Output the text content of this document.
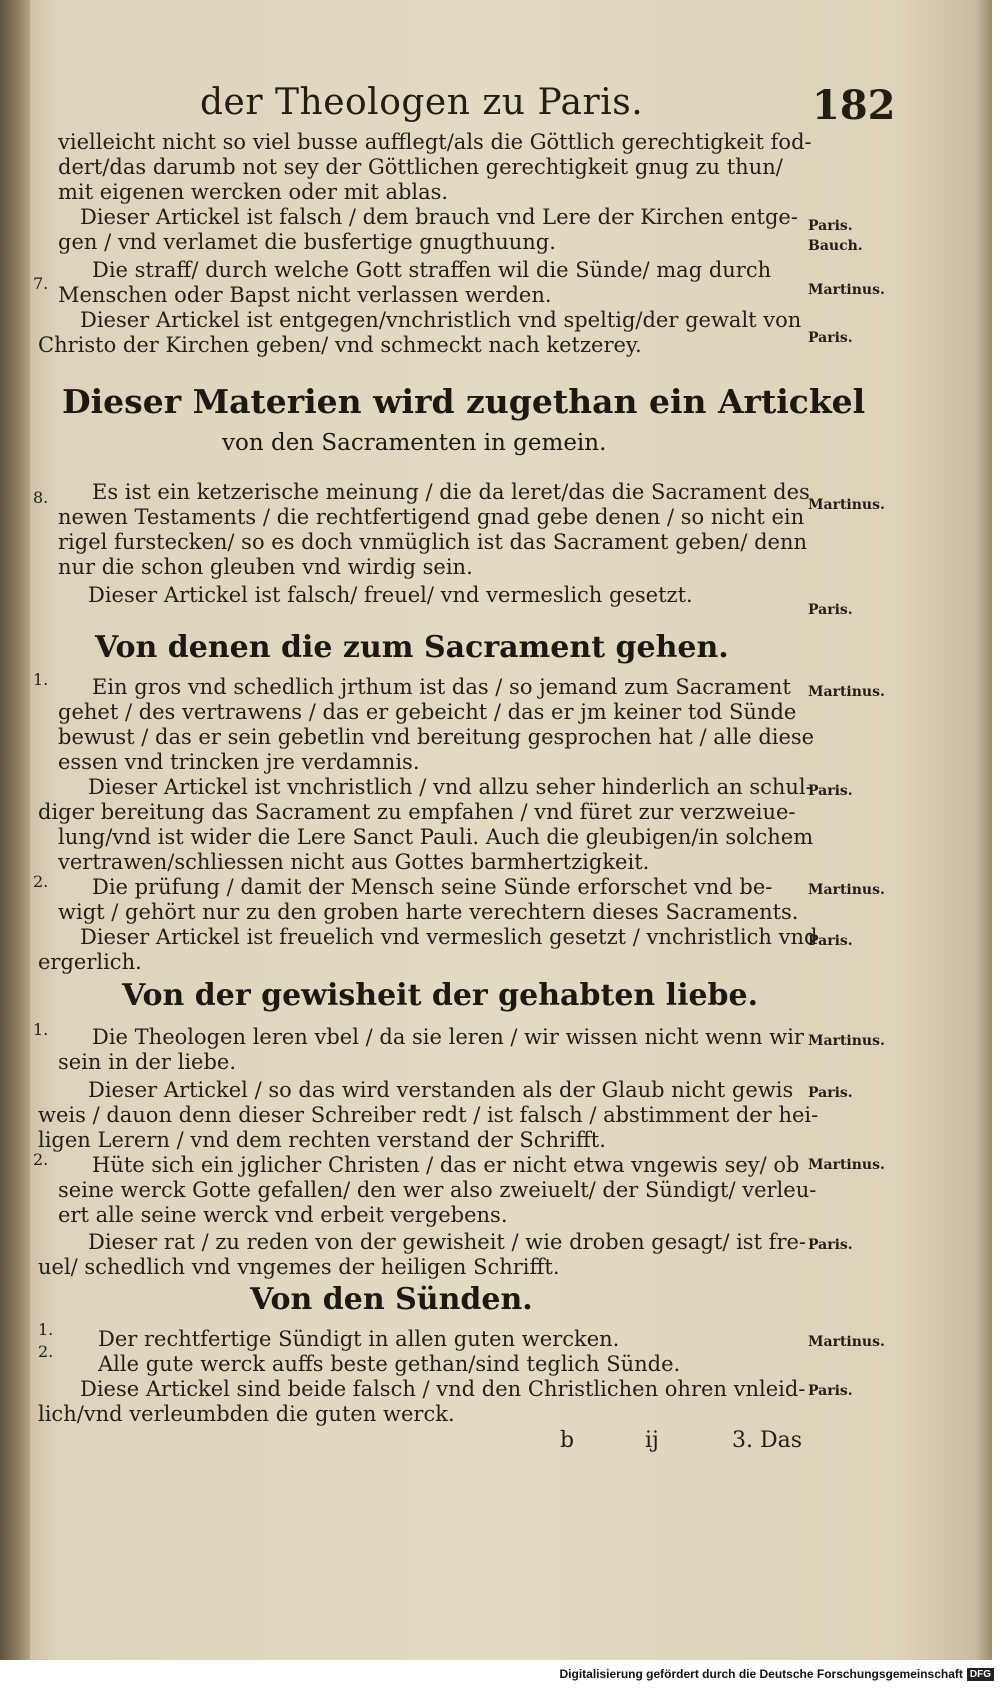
der Theologen zu Paris.	182
vielleicht nicht so viel busse aufflegt/als die Göttlich gerechtigkeit fod-
dert/das darumb not sey der Göttlichen gerechtigkeit gnug zu thun/
mit eigenen wercken oder mit ablas.
Dieser Artickel ist falsch / dem brauch vnd Lere der Kirchen entge-
gen / vnd verlamet die busfertige gnugthuung.
Die straff/ durch welche Gott straffen wil die Sünde/ mag durch
Menschen oder Bapst nicht verlassen werden.
Dieser Artickel ist entgegen/vnchristlich vnd speltig/der gewalt von
Christo der Kirchen geben/ vnd schmeckt nach ketzerey.
Dieser Materien wird zugethan ein Artickel
von den Sacramenten in gemein.
Es ist ein ketzerische meinung / die da leret/das die Sacrament des
newen Testaments / die rechtfertigend gnad gebe denen / so nicht ein
rigel furstecken/ so es doch vnmüglich ist das Sacrament geben/ denn
nur die schon gleuben vnd wirdig sein.
Dieser Artickel ist falsch/ freuel/ vnd vermeslich gesetzt.
Von denen die zum Sacrament gehen.
Ein gros vnd schedlich jrthum ist das / so jemand zum Sacrament
gehet / des vertrawens / das er gebeicht / das er jm keiner tod Sünde
bewust / das er sein gebetlin vnd bereitung gesprochen hat / alle diese
essen vnd trincken jre verdamnis.
Dieser Artickel ist vnchristlich / vnd allzu seher hinderlich an schul-
diger bereitung das Sacrament zu empfahen / vnd füret zur verzweiue-
lung/vnd ist wider die Lere Sanct Pauli. Auch die gleubigen/in solchem
vertrawen/schliessen nicht aus Gottes barmhertzigkeit.
Die prüfung / damit der Mensch seine Sünde erforschet vnd be-
wigt / gehört nur zu den groben harte verechtern dieses Sacraments.
Dieser Artickel ist freuelich vnd vermeslich gesetzt / vnchristlich vnd
ergerlich.
Von der gewisheit der gehabten liebe.
Die Theologen leren vbel / da sie leren / wir wissen nicht wenn wir
sein in der liebe.
Dieser Artickel / so das wird verstanden als der Glaub nicht gewis
weis / dauon denn dieser Schreiber redt / ist falsch / abstimment der hei-
ligen Lerern / vnd dem rechten verstand der Schrifft.
Hüte sich ein jglicher Christen / das er nicht etwa vngewis sey/ ob
seine werck Gotte gefallen/ den wer also zweiuelt/ der Sündigt/ verleu-
ert alle seine werck vnd erbeit vergebens.
Dieser rat / zu reden von der gewisheit / wie droben gesagt/ ist fre-
uel/ schedlich vnd vngemes der heiligen Schrifft.
Von den Sünden.
Der rechtfertige Sündigt in allen guten wercken.
Alle gute werck auffs beste gethan/sind teglich Sünde.
Diese Artickel sind beide falsch / vnd den Christlichen ohren vnleid-
lich/vnd verleumbden die guten werck.
7.
8.
1.
2.
1.
2.
1.
2.
Paris.
Bauch.
Martinus.
Paris.
Martinus.
Paris.
Martinus.
Paris.
Martinus.
Paris.
Martinus.
Paris.
Martinus.
Paris.
Martinus.
Paris.
b	ij	3. Das
Digitalisierung gefördert durch die Deutsche Forschungsgemeinschaft DFG
